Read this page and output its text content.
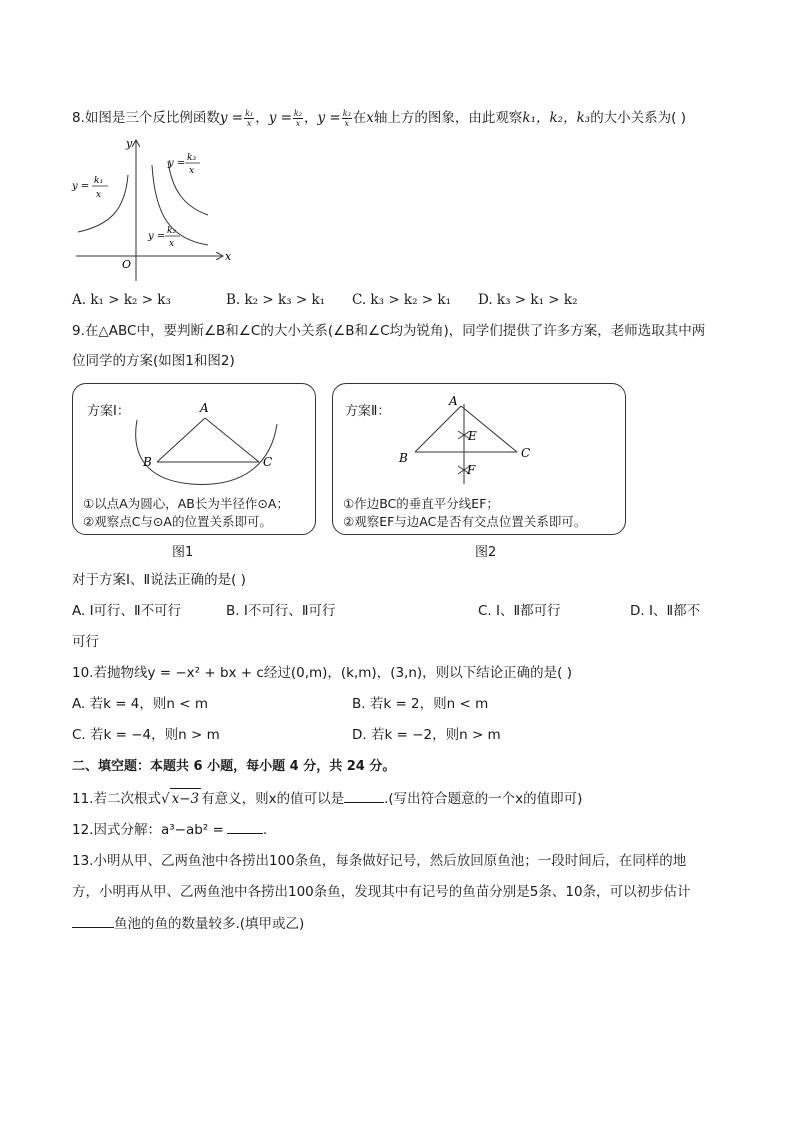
8.如图是三个反比例函数$y = \frac{\text{k₁}}{x}$ ，$y = \frac{\text{k₂}}{x}$ ，$y = \frac{\text{k₃}}{x}$ 在x轴上方的图象，由此观察k₁，k₂，k₃的大小关系为( )
y
x
O
y = k₁
x
y = k₃
x
y = k₂
x
A. k₁ > k₂ > k₃	B. k₂ > k₃ > k₁ C. k₃ > k₂ > k₁ D. k₃ > k₁ > k₂
9.在△ABC中，要判断∠B和∠C的大小关系(∠B和∠C均为锐角)，同学们提供了许多方案，老师选取其中两
位同学的方案(如图1和图2)
方案Ⅰ：	A
B	C
①以点A为圆心，AB长为半径作⊙A；
②观察点C与⊙A的位置关系即可。
图1
方案Ⅱ：
A
B	C
E
F
①作边BC的垂直平分线EF；
②观察EF与边AC是否有交点位置关系即可。
图2
对于方案Ⅰ、Ⅱ说法正确的是( )
A. Ⅰ可行、Ⅱ不可行	B. Ⅰ不可行、Ⅱ可行	C. Ⅰ、Ⅱ都可行	D. Ⅰ、Ⅱ都不
可行
10.若抛物线y = −x² + bx + c经过(0,m)，(k,m)，(3,n)，则以下结论正确的是( )
A. 若k = 4，则n < m	B. 若k = 2，则n < m
C. 若k = −4，则n > m	D. 若k = −2，则n > m
二、填空题：本题共 6 小题，每小题 4 分，共 24 分。
11.若二次根式√ x−3 有意义，则x的值可以是	.(写出符合题意的一个x的值即可)
12.因式分解：a³−ab² =	.
13.小明从甲、乙两鱼池中各捞出100条鱼，每条做好记号，然后放回原鱼池；一段时间后，在同样的地
方，小明再从甲、乙两鱼池中各捞出100条鱼，发现其中有记号的鱼苗分别是5条、10条，可以初步估计
鱼池的鱼的数量较多.(填甲或乙)
